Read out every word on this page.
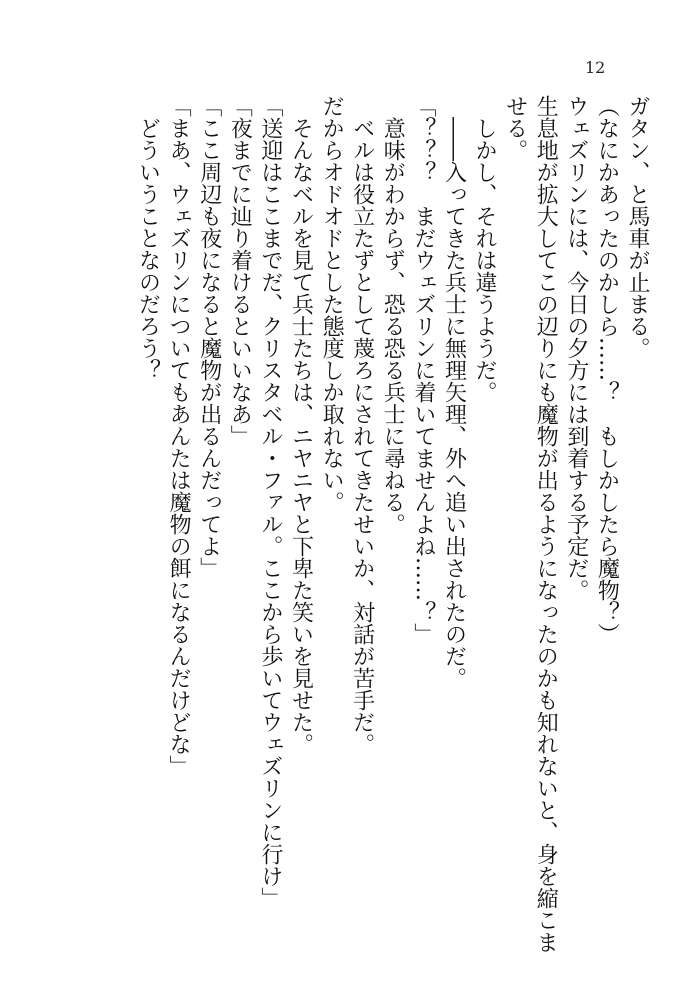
12

ガタン、と馬車が止まる。

（なにかあったのかしら……？　もしかしたら魔物？）

ウェズリンには、今日の夕方には到着する予定だ。

生息地が拡大してこの辺りにも魔物が出るようになったのかも知れないと、身を縮こま

せる。

　しかし、それは違うようだ。

　――入ってきた兵士に無理矢理、外へ追い出されたのだ。

「？？？　まだウェズリンに着いてませんよね……？」

　意味がわからず、恐る恐る兵士に尋ねる。

　ベルは役立たずとして蔑ろにされてきたせいか、対話が苦手だ。

だからオドオドとした態度しか取れない。

　そんなベルを見て兵士たちは、ニヤニヤと下卑た笑いを見せた。

「送迎はここまでだ、クリスタベル・ファル。ここから歩いてウェズリンに行け」

「夜までに辿り着けるといいなあ」

「ここ周辺も夜になると魔物が出るんだってよ」

「まあ、ウェズリンについてもあんたは魔物の餌になるんだけどな」

　どういうことなのだろう？
